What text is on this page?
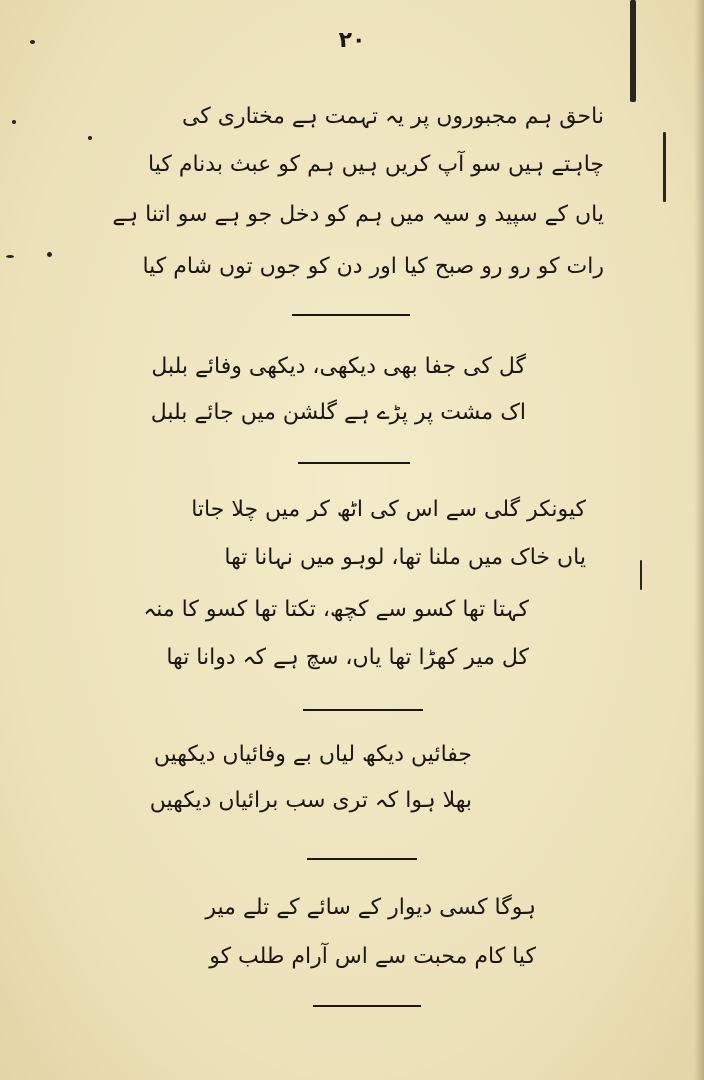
۲۰
ناحق ہم مجبوروں پر یہ تہمت ہے مختاری کی
چاہتے ہیں سو آپ کریں ہیں ہم کو عبث بدنام کیا
یاں کے سپید و سیہ میں ہم کو دخل جو ہے سو اتنا ہے
رات کو رو رو صبح کیا اور دن کو جوں توں شام کیا
گل کی جفا بھی دیکھی، دیکھی وفائے بلبل
اک مشت پر پڑے ہے گلشن میں جائے بلبل
کیونکر گلی سے اس کی اٹھ کر میں چلا جاتا
یاں خاک میں ملنا تھا، لوہو میں نہانا تھا
کہتا تھا کسو سے کچھ، تکتا تھا کسو کا منہ
کل میر کھڑا تھا یاں، سچ ہے کہ دوانا تھا
جفائیں دیکھ لیاں بے وفائیاں دیکھیں
بھلا ہوا کہ تری سب برائیاں دیکھیں
ہوگا کسی دیوار کے سائے کے تلے میر
کیا کام محبت سے اس آرام طلب کو
